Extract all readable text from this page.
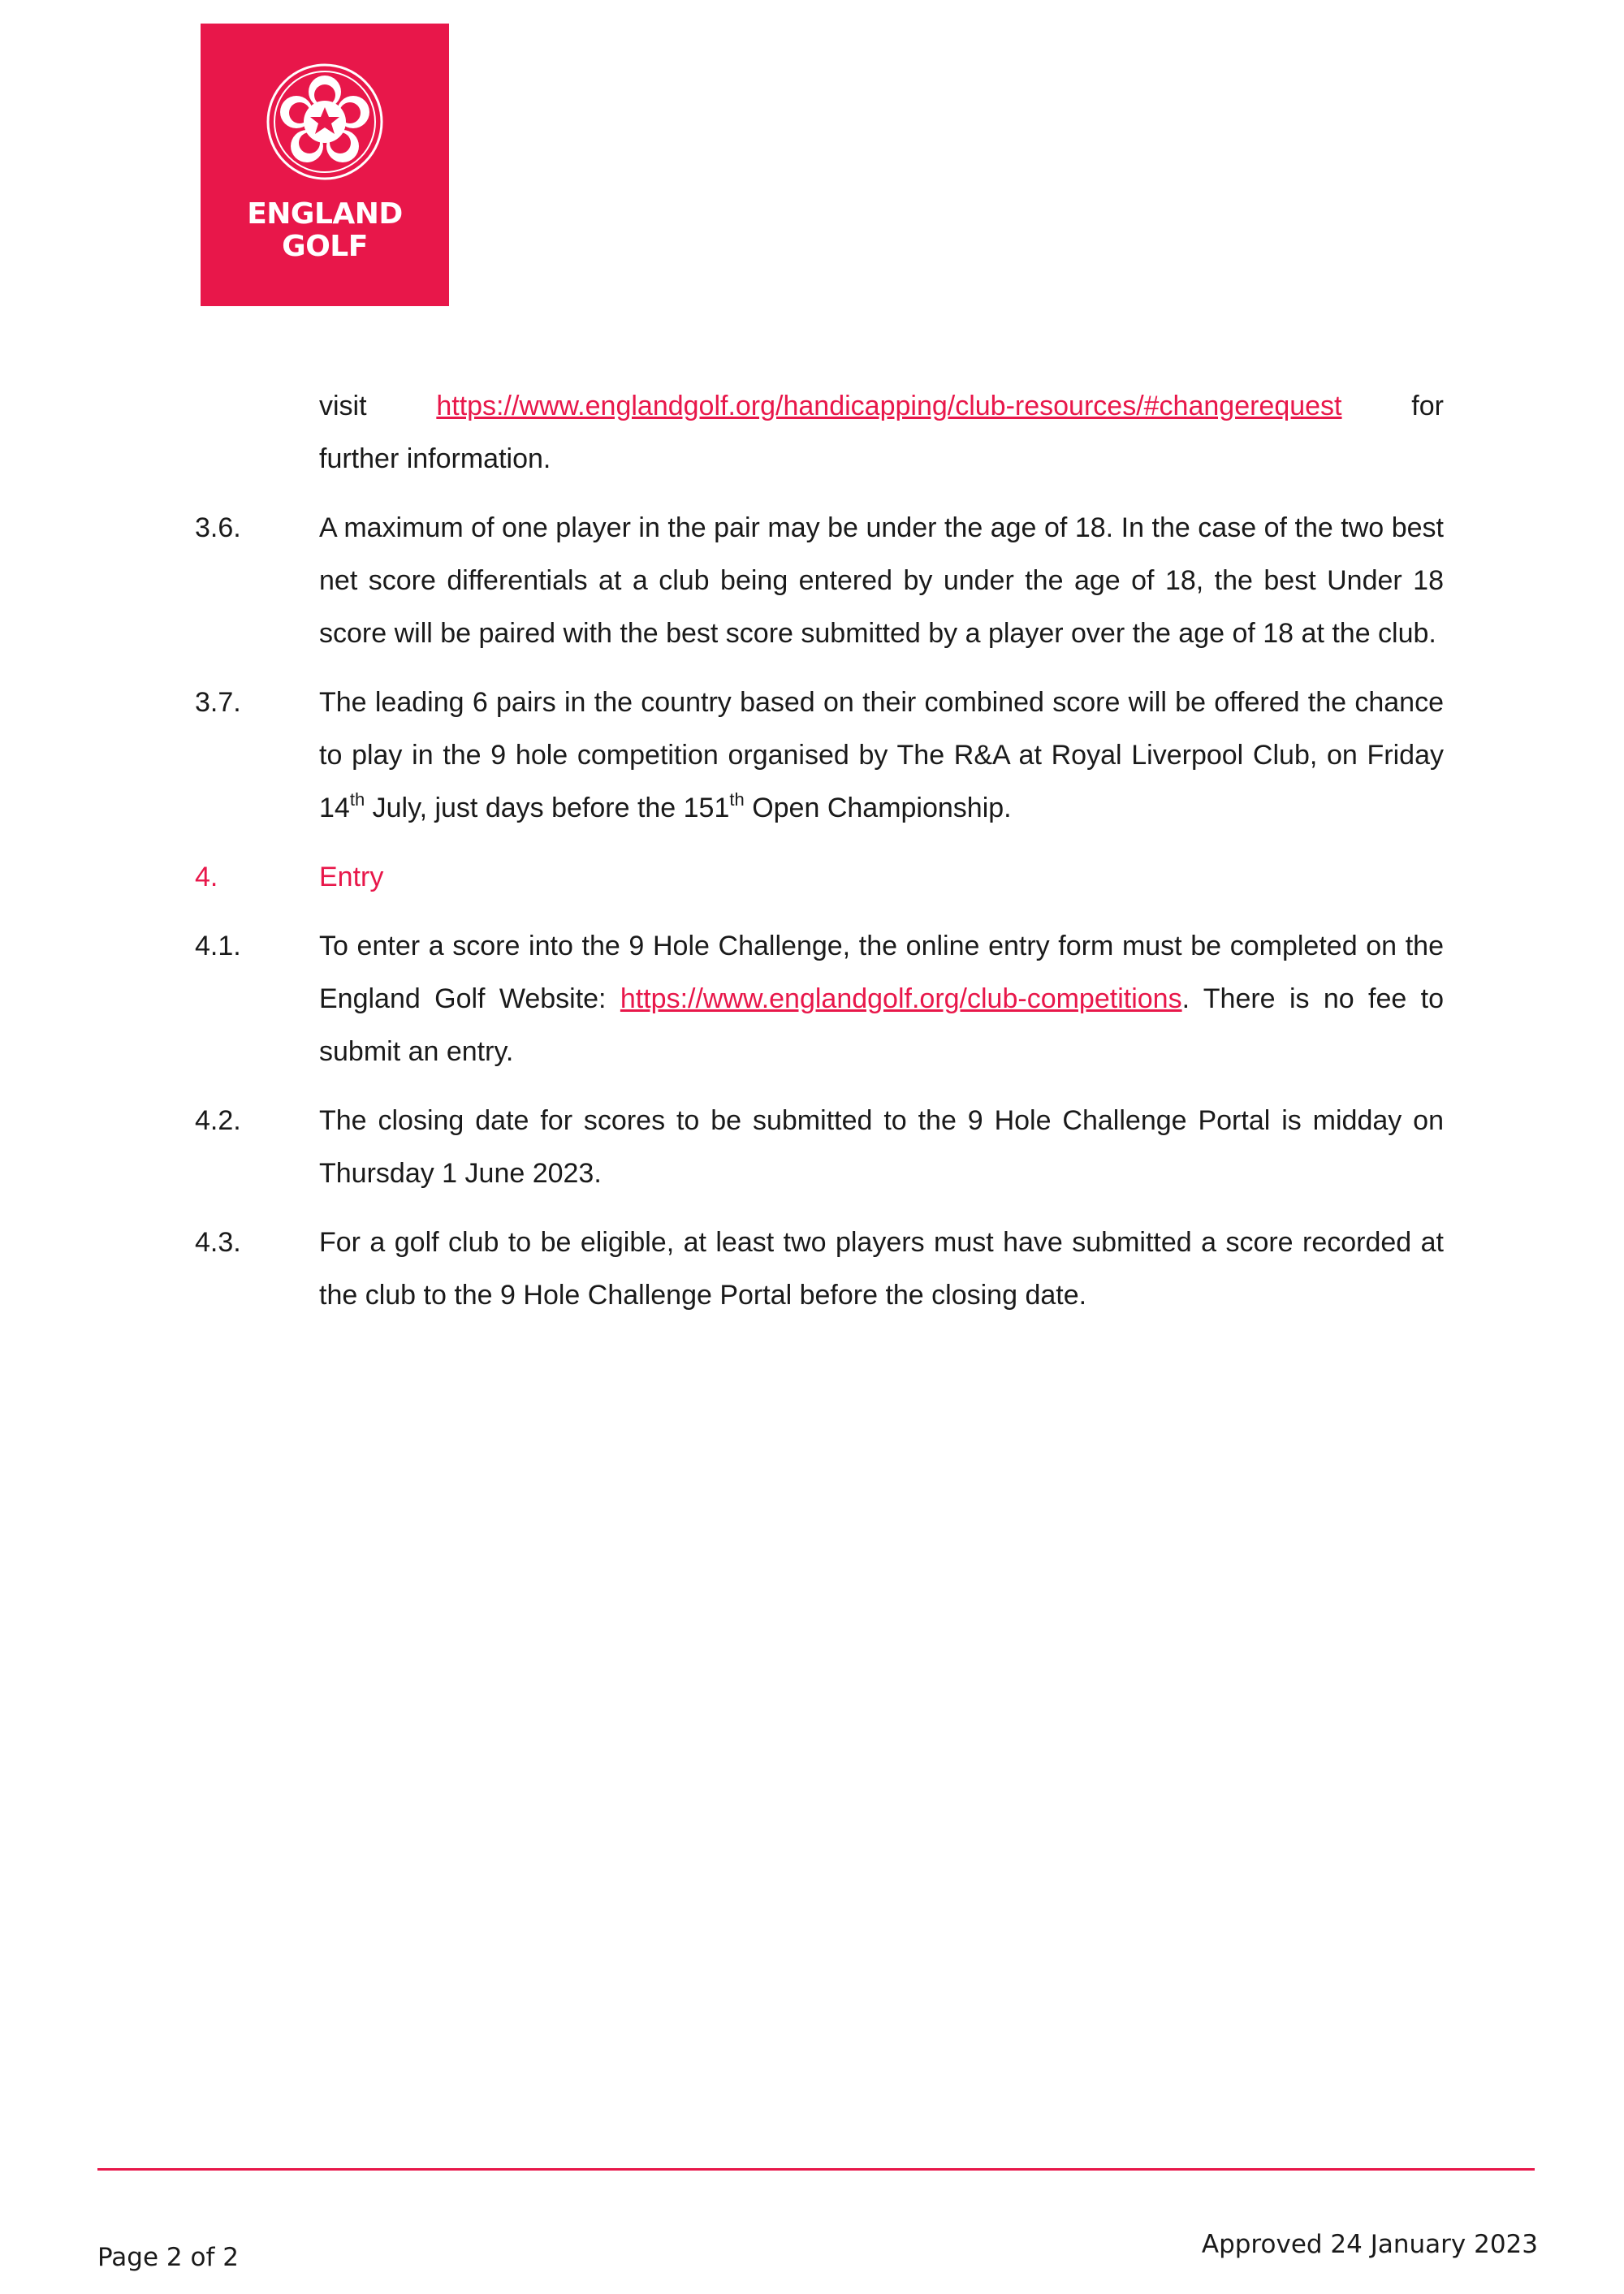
ENGLAND
GOLF
visit	https://www.englandgolf.org/handicapping/club-resources/#changerequest	for
further information.
3.6.	A maximum of one player in the pair may be under the age of 18. In the case of the two best net score differentials at a club being entered by under the age of 18, the best Under 18 score will be paired with the best score submitted by a player over the age of 18 at the club.
3.7.	The leading 6 pairs in the country based on their combined score will be offered the chance to play in the 9 hole competition organised by The R&A at Royal Liverpool Club, on Friday 14th July, just days before the 151th Open Championship.
4.	Entry
4.1.	To enter a score into the 9 Hole Challenge, the online entry form must be completed on the England Golf Website: https://www.englandgolf.org/club-competitions. There is no fee to submit an entry.
4.2.	The closing date for scores to be submitted to the 9 Hole Challenge Portal is midday on Thursday 1 June 2023.
4.3.	For a golf club to be eligible, at least two players must have submitted a score recorded at the club to the 9 Hole Challenge Portal before the closing date.
Page 2 of 2	Approved 24 January 2023
